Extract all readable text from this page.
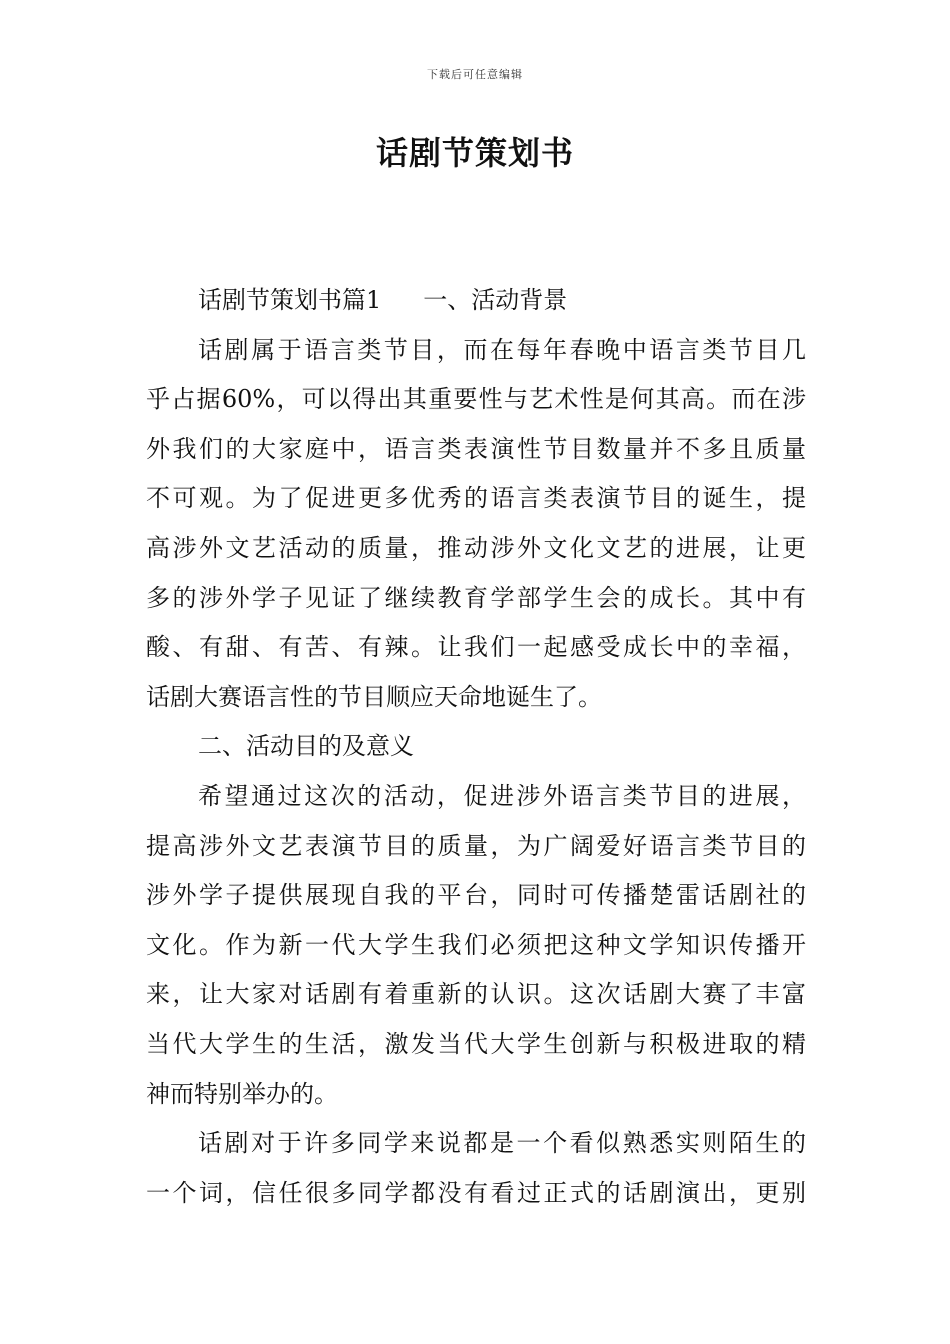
下载后可任意编辑
话剧节策划书
话剧节策划书篇1 一、活动背景
话剧属于语言类节目，而在每年春晚中语言类节目几
乎占据60%，可以得出其重要性与艺术性是何其高。而在涉
外我们的大家庭中，语言类表演性节目数量并不多且质量
不可观。为了促进更多优秀的语言类表演节目的诞生，提
高涉外文艺活动的质量，推动涉外文化文艺的进展，让更
多的涉外学子见证了继续教育学部学生会的成长。其中有
酸、有甜、有苦、有辣。让我们一起感受成长中的幸福，
话剧大赛语言性的节目顺应天命地诞生了。
二、活动目的及意义
希望通过这次的活动，促进涉外语言类节目的进展，
提高涉外文艺表演节目的质量，为广阔爱好语言类节目的
涉外学子提供展现自我的平台，同时可传播楚雷话剧社的
文化。作为新一代大学生我们必须把这种文学知识传播开
来，让大家对话剧有着重新的认识。这次话剧大赛了丰富
当代大学生的生活，激发当代大学生创新与积极进取的精
神而特别举办的。
话剧对于许多同学来说都是一个看似熟悉实则陌生的
一个词，信任很多同学都没有看过正式的话剧演出，更别
